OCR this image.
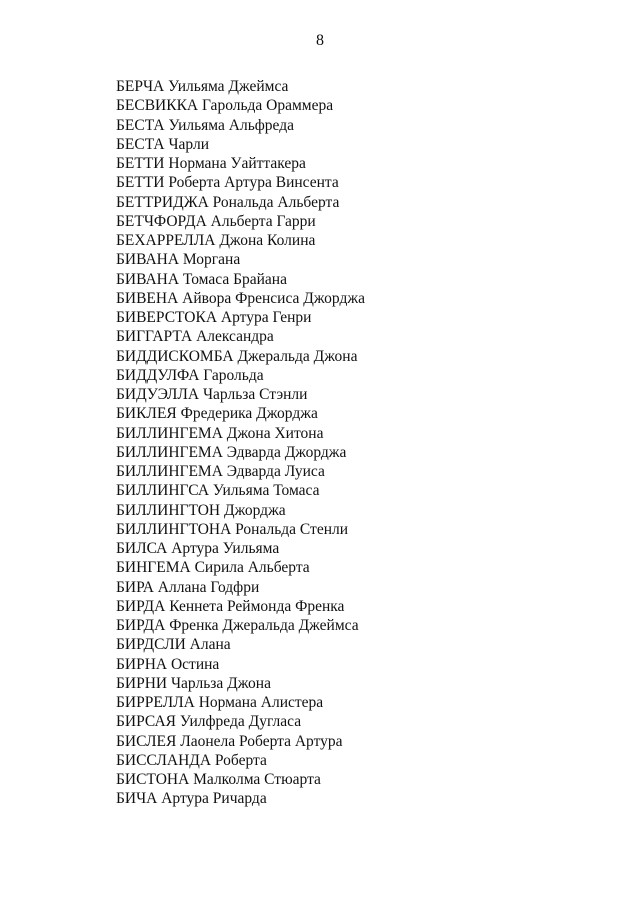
8
БЕРЧА Уильяма Джеймса
БЕСВИККА Гарольда Ораммера
БЕСТА Уильяма Альфреда
БЕСТА Чарли
БЕТТИ Нормана Уайттакера
БЕТТИ Роберта Артура Винсента
БЕТТРИДЖА Рональда Альберта
БЕТЧФОРДА Альберта Гарри
БЕХАРРЕЛЛА Джона Колина
БИВАНА Моргана
БИВАНА Томаса Брайана
БИВЕНА Айвора Френсиса Джорджа
БИВЕРСТОКА Артура Генри
БИГГАРТА Александра
БИДДИСКОМБА Джеральда Джона
БИДДУЛФА Гарольда
БИДУЭЛЛА Чарльза Стэнли
БИКЛЕЯ Фредерика Джорджа
БИЛЛИНГЕМА Джона Хитона
БИЛЛИНГЕМА Эдварда Джорджа
БИЛЛИНГЕМА Эдварда Луиса
БИЛЛИНГСА Уильяма Томаса
БИЛЛИНГТОН Джорджа
БИЛЛИНГТОНА Рональда Стенли
БИЛСА Артура Уильяма
БИНГЕМА Сирила Альберта
БИРА Аллана Годфри
БИРДА Кеннета Реймонда Френка
БИРДА Френка Джеральда Джеймса
БИРДСЛИ Алана
БИРНА Остина
БИРНИ Чарльза Джона
БИРРЕЛЛА Нормана Алистера
БИРСАЯ Уилфреда Дугласа
БИСЛЕЯ Лаонела Роберта Артура
БИССЛАНДА Роберта
БИСТОНА Малколма Стюарта
БИЧА Артура Ричарда
